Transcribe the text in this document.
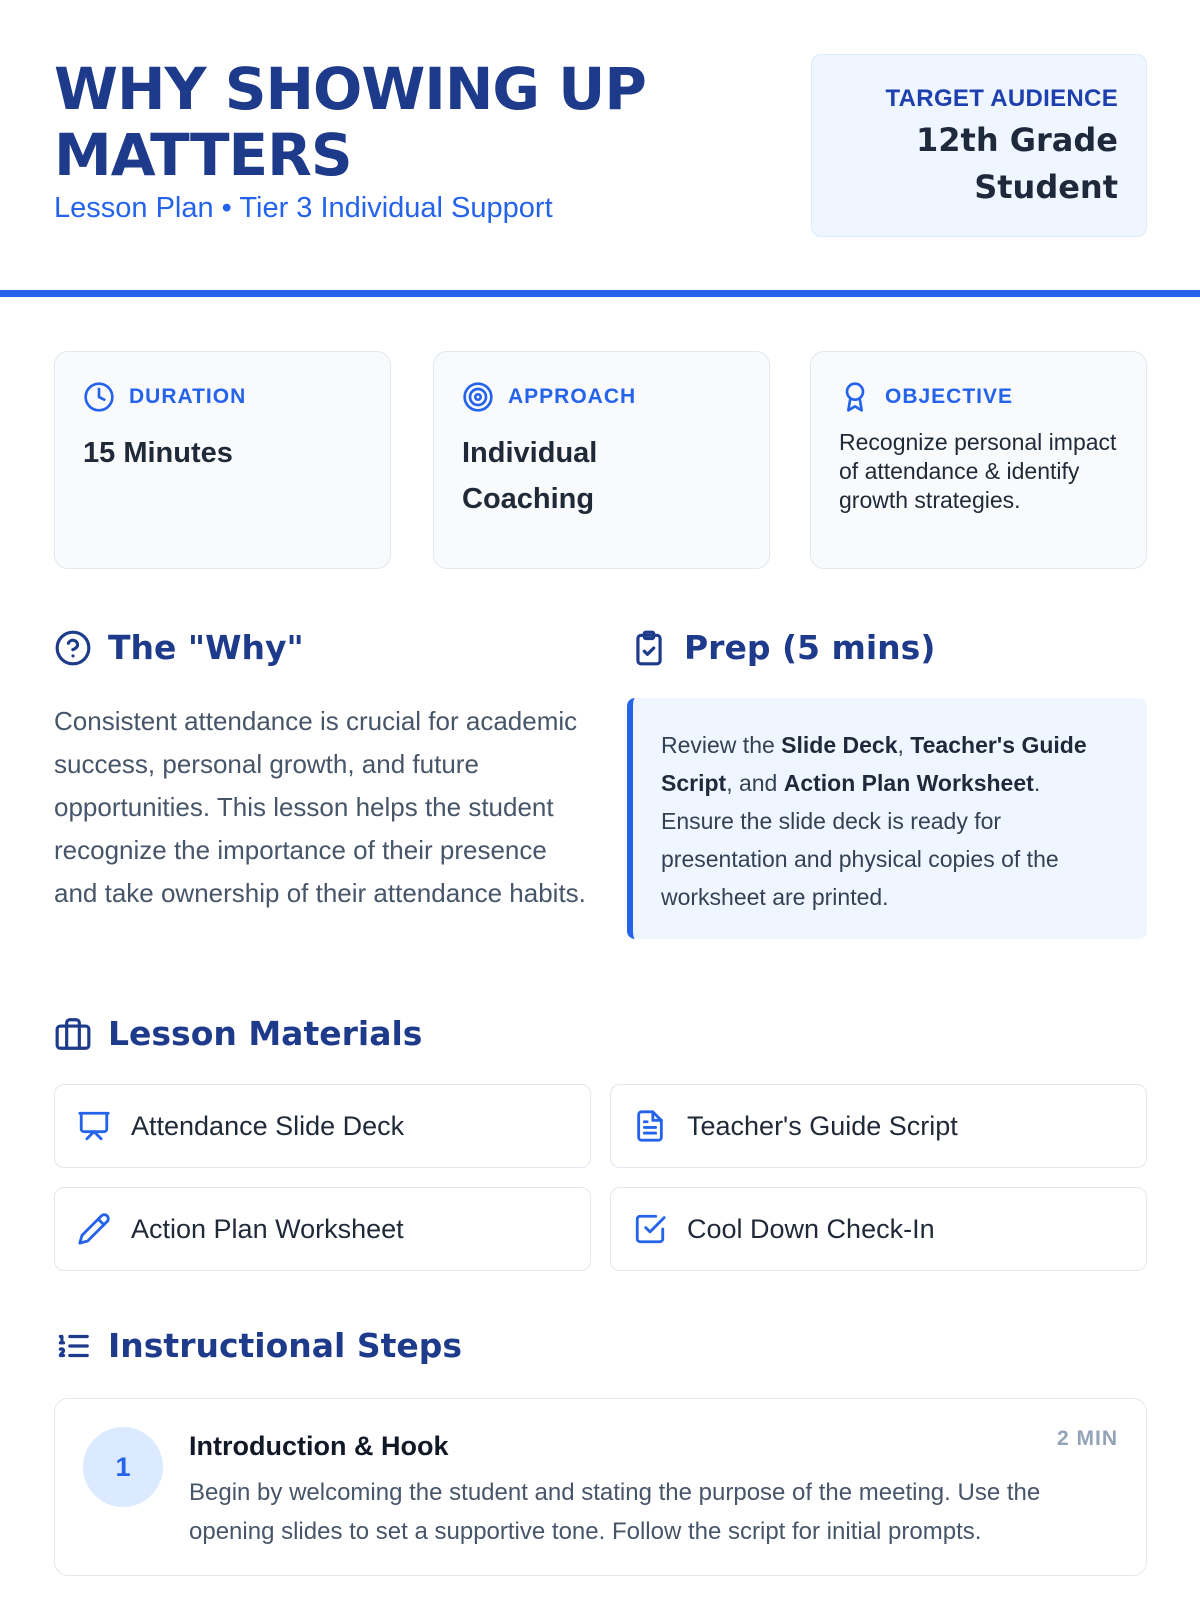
WHY SHOWING UP MATTERS
Lesson Plan • Tier 3 Individual Support
TARGET AUDIENCE
12th Grade Student
DURATION
15 Minutes
APPROACH
Individual Coaching
OBJECTIVE
Recognize personal impact of attendance & identify growth strategies.
The "Why"

Consistent attendance is crucial for academic success, personal growth, and future opportunities. This lesson helps the student recognize the importance of their presence and take ownership of their attendance habits.

Prep (5 mins)
Review the Slide Deck, Teacher's Guide Script, and Action Plan Worksheet. Ensure the slide deck is ready for presentation and physical copies of the worksheet are printed.
Lesson Materials
Attendance Slide Deck	Teacher's Guide Script
Action Plan Worksheet	Cool Down Check-In
Instructional Steps
1
Introduction & Hook	2 MIN

Begin by welcoming the student and stating the purpose of the meeting. Use the opening slides to set a supportive tone. Follow the script for initial prompts.
